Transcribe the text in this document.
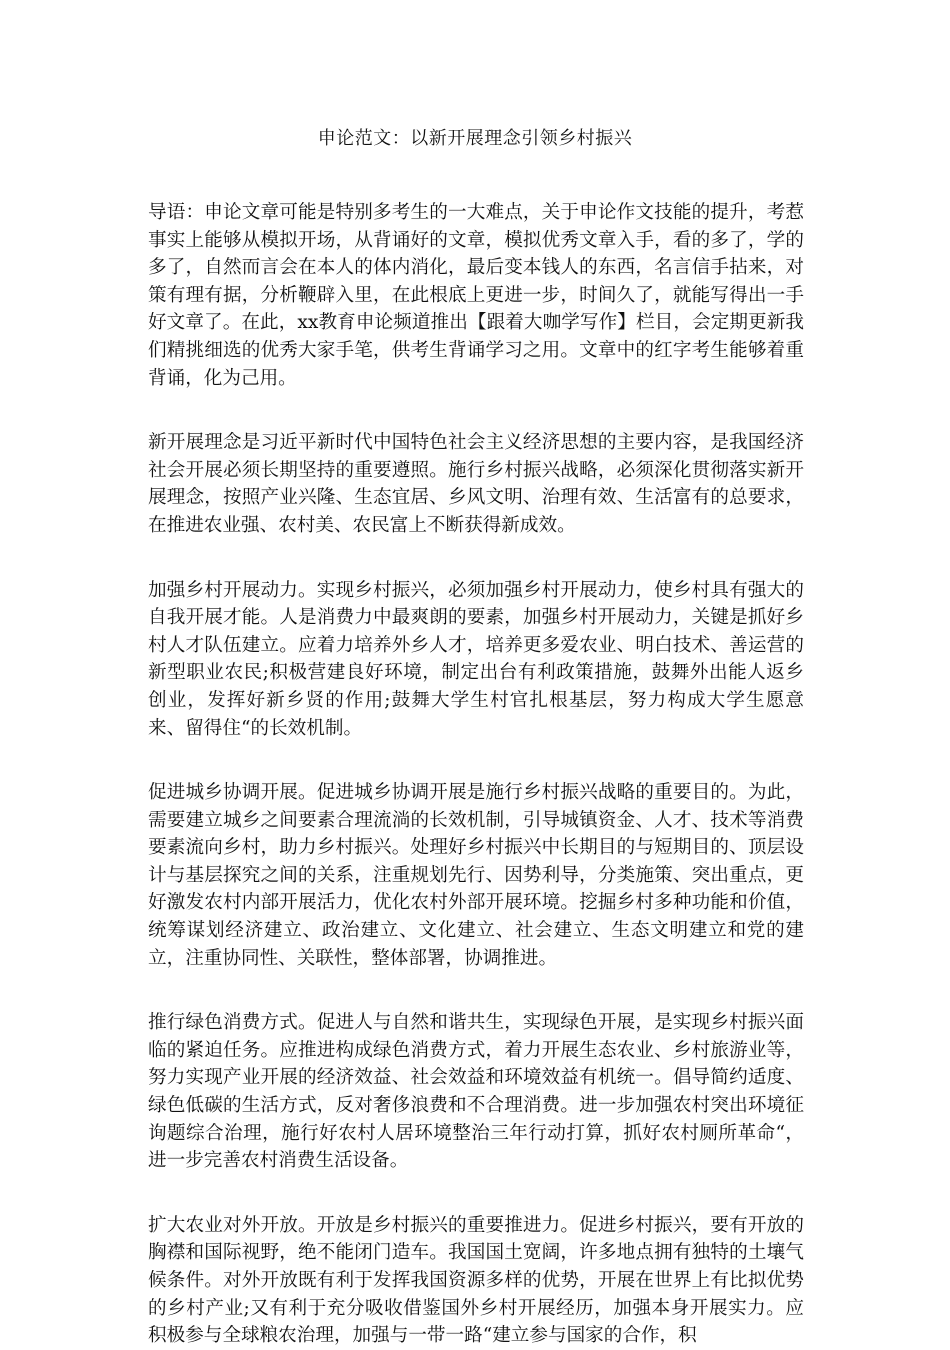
申论范文：以新开展理念引领乡村振兴

导语：申论文章可能是特别多考生的一大难点，关于申论作文技能的提升，考惹事实上能够从模拟开场，从背诵好的文章，模拟优秀文章入手，看的多了，学的多了，自然而言会在本人的体内消化，最后变本钱人的东西，名言信手拈来，对策有理有据，分析鞭辟入里，在此根底上更进一步，时间久了，就能写得出一手好文章了。在此，xx教育申论频道推出【跟着大咖学写作】栏目，会定期更新我们精挑细选的优秀大家手笔，供考生背诵学习之用。文章中的红字考生能够着重背诵，化为己用。

新开展理念是习近平新时代中国特色社会主义经济思想的主要内容，是我国经济社会开展必须长期坚持的重要遵照。施行乡村振兴战略，必须深化贯彻落实新开展理念，按照产业兴隆、生态宜居、乡风文明、治理有效、生活富有的总要求，在推进农业强、农村美、农民富上不断获得新成效。

加强乡村开展动力。实现乡村振兴，必须加强乡村开展动力，使乡村具有强大的自我开展才能。人是消费力中最爽朗的要素，加强乡村开展动力，关键是抓好乡村人才队伍建立。应着力培养外乡人才，培养更多爱农业、明白技术、善运营的新型职业农民;积极营建良好环境，制定出台有利政策措施，鼓舞外出能人返乡创业，发挥好新乡贤的作用;鼓舞大学生村官扎根基层，努力构成大学生愿意来、留得住“的长效机制。

促进城乡协调开展。促进城乡协调开展是施行乡村振兴战略的重要目的。为此，需要建立城乡之间要素合理流淌的长效机制，引导城镇资金、人才、技术等消费要素流向乡村，助力乡村振兴。处理好乡村振兴中长期目的与短期目的、顶层设计与基层探究之间的关系，注重规划先行、因势利导，分类施策、突出重点，更好激发农村内部开展活力，优化农村外部开展环境。挖掘乡村多种功能和价值，统筹谋划经济建立、政治建立、文化建立、社会建立、生态文明建立和党的建立，注重协同性、关联性，整体部署，协调推进。

推行绿色消费方式。促进人与自然和谐共生，实现绿色开展，是实现乡村振兴面临的紧迫任务。应推进构成绿色消费方式，着力开展生态农业、乡村旅游业等，努力实现产业开展的经济效益、社会效益和环境效益有机统一。倡导简约适度、绿色低碳的生活方式，反对奢侈浪费和不合理消费。进一步加强农村突出环境征询题综合治理，施行好农村人居环境整治三年行动打算，抓好农村厕所革命“，进一步完善农村消费生活设备。

扩大农业对外开放。开放是乡村振兴的重要推进力。促进乡村振兴，要有开放的胸襟和国际视野，绝不能闭门造车。我国国土宽阔，许多地点拥有独特的土壤气候条件。对外开放既有利于发挥我国资源多样的优势，开展在世界上有比拟优势的乡村产业;又有利于充分吸收借鉴国外乡村开展经历，加强本身开展实力。应积极参与全球粮农治理，加强与一带一路“建立参与国家的合作，积
